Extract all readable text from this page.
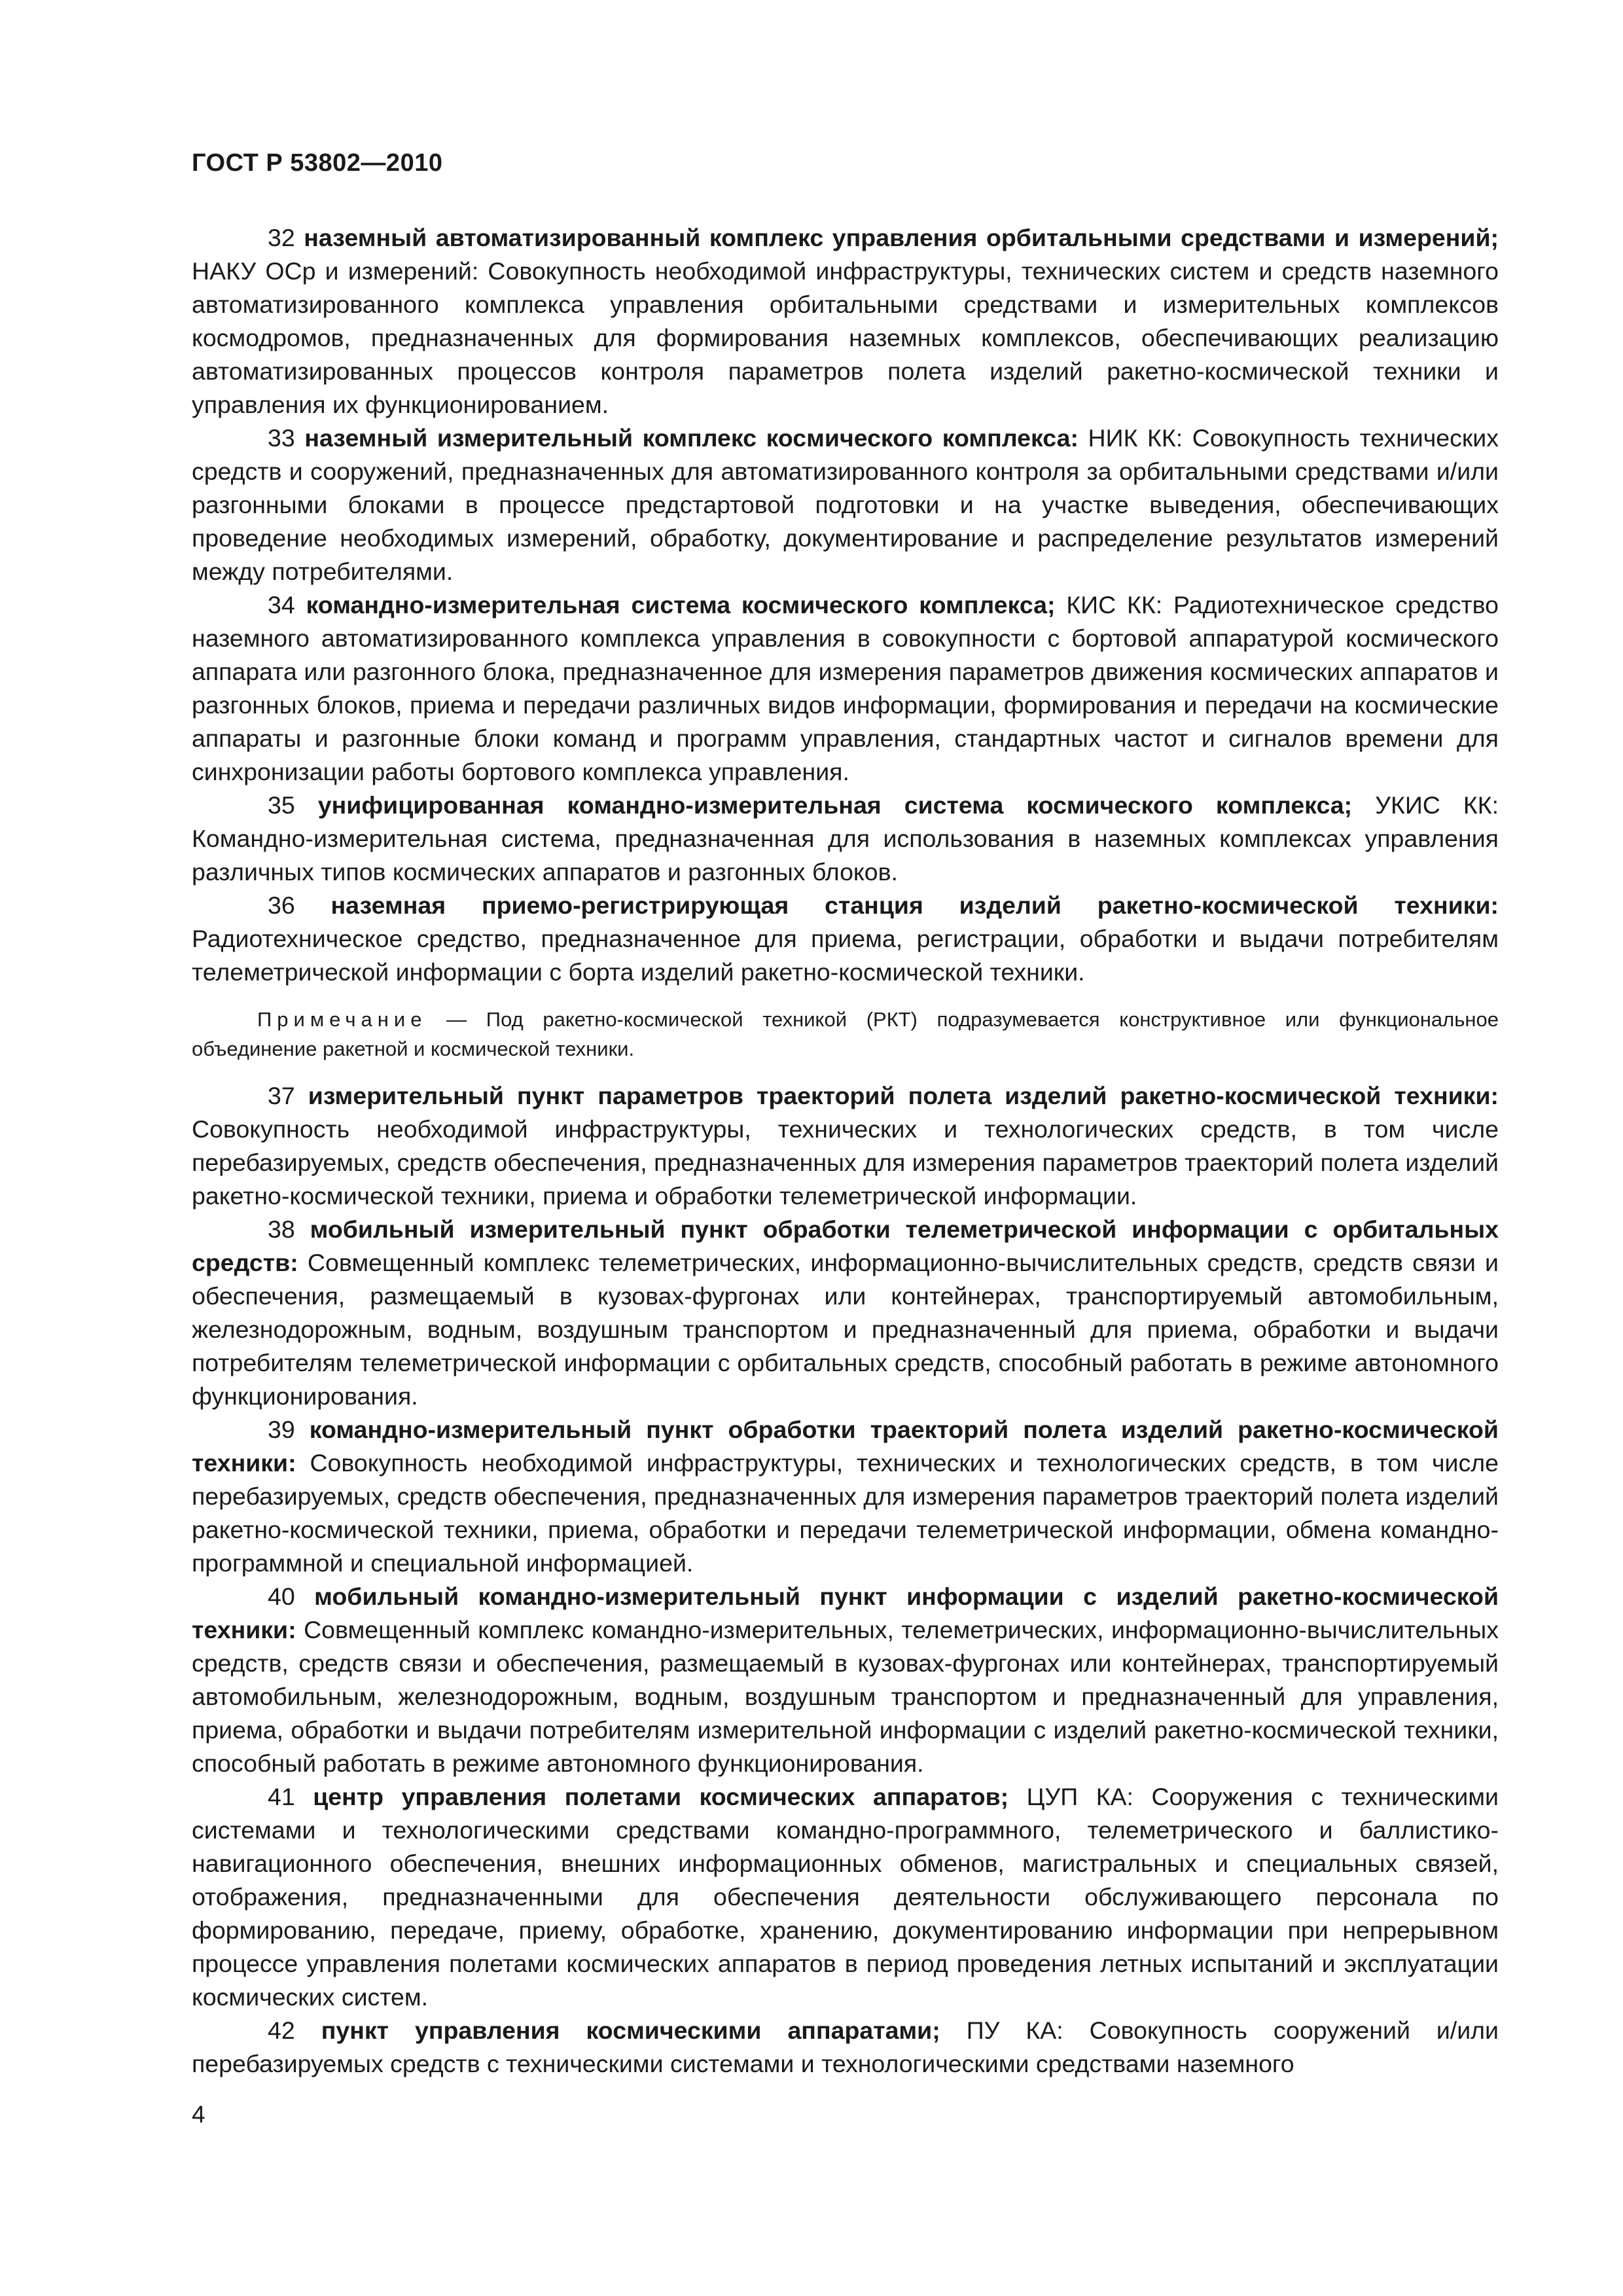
ГОСТ Р 53802—2010

32 наземный автоматизированный комплекс управления орбитальными средствами и измерений; НАКУ ОСр и измерений: Совокупность необходимой инфраструктуры, технических систем и средств наземного автоматизированного комплекса управления орбитальными средствами и измерительных комплексов космодромов, предназначенных для формирования наземных комплексов, обеспечивающих реализацию автоматизированных процессов контроля параметров полета изделий ракетно-космической техники и управления их функционированием.

33 наземный измерительный комплекс космического комплекса: НИК КК: Совокупность технических средств и сооружений, предназначенных для автоматизированного контроля за орбитальными средствами и/или разгонными блоками в процессе предстартовой подготовки и на участке выведения, обеспечивающих проведение необходимых измерений, обработку, документирование и распределение результатов измерений между потребителями.

34 командно-измерительная система космического комплекса; КИС КК: Радиотехническое средство наземного автоматизированного комплекса управления в совокупности с бортовой аппаратурой космического аппарата или разгонного блока, предназначенное для измерения параметров движения космических аппаратов и разгонных блоков, приема и передачи различных видов информации, формирования и передачи на космические аппараты и разгонные блоки команд и программ управления, стандартных частот и сигналов времени для синхронизации работы бортового комплекса управления.

35 унифицированная командно-измерительная система космического комплекса; УКИС КК: Командно-измерительная система, предназначенная для использования в наземных комплексах управления различных типов космических аппаратов и разгонных блоков.

36 наземная приемо-регистрирующая станция изделий ракетно-космической техники: Радиотехническое средство, предназначенное для приема, регистрации, обработки и выдачи потребителям телеметрической информации с борта изделий ракетно-космической техники.

Примечание — Под ракетно-космической техникой (РКТ) подразумевается конструктивное или функциональное объединение ракетной и космической техники.

37 измерительный пункт параметров траекторий полета изделий ракетно-космической техники: Совокупность необходимой инфраструктуры, технических и технологических средств, в том числе перебазируемых, средств обеспечения, предназначенных для измерения параметров траекторий полета изделий ракетно-космической техники, приема и обработки телеметрической информации.

38 мобильный измерительный пункт обработки телеметрической информации с орбитальных средств: Совмещенный комплекс телеметрических, информационно-вычислительных средств, средств связи и обеспечения, размещаемый в кузовах-фургонах или контейнерах, транспортируемый автомобильным, железнодорожным, водным, воздушным транспортом и предназначенный для приема, обработки и выдачи потребителям телеметрической информации с орбитальных средств, способный работать в режиме автономного функционирования.

39 командно-измерительный пункт обработки траекторий полета изделий ракетно-космической техники: Совокупность необходимой инфраструктуры, технических и технологических средств, в том числе перебазируемых, средств обеспечения, предназначенных для измерения параметров траекторий полета изделий ракетно-космической техники, приема, обработки и передачи телеметрической информации, обмена командно-программной и специальной информацией.

40 мобильный командно-измерительный пункт информации с изделий ракетно-космической техники: Совмещенный комплекс командно-измерительных, телеметрических, информационно-вычислительных средств, средств связи и обеспечения, размещаемый в кузовах-фургонах или контейнерах, транспортируемый автомобильным, железнодорожным, водным, воздушным транспортом и предназначенный для управления, приема, обработки и выдачи потребителям измерительной информации с изделий ракетно-космической техники, способный работать в режиме автономного функционирования.

41 центр управления полетами космических аппаратов; ЦУП КА: Сооружения с техническими системами и технологическими средствами командно-программного, телеметрического и баллистико-навигационного обеспечения, внешних информационных обменов, магистральных и специальных связей, отображения, предназначенными для обеспечения деятельности обслуживающего персонала по формированию, передаче, приему, обработке, хранению, документированию информации при непрерывном процессе управления полетами космических аппаратов в период проведения летных испытаний и эксплуатации космических систем.

42 пункт управления космическими аппаратами; ПУ КА: Совокупность сооружений и/или перебазируемых средств с техническими системами и технологическими средствами наземного

4
